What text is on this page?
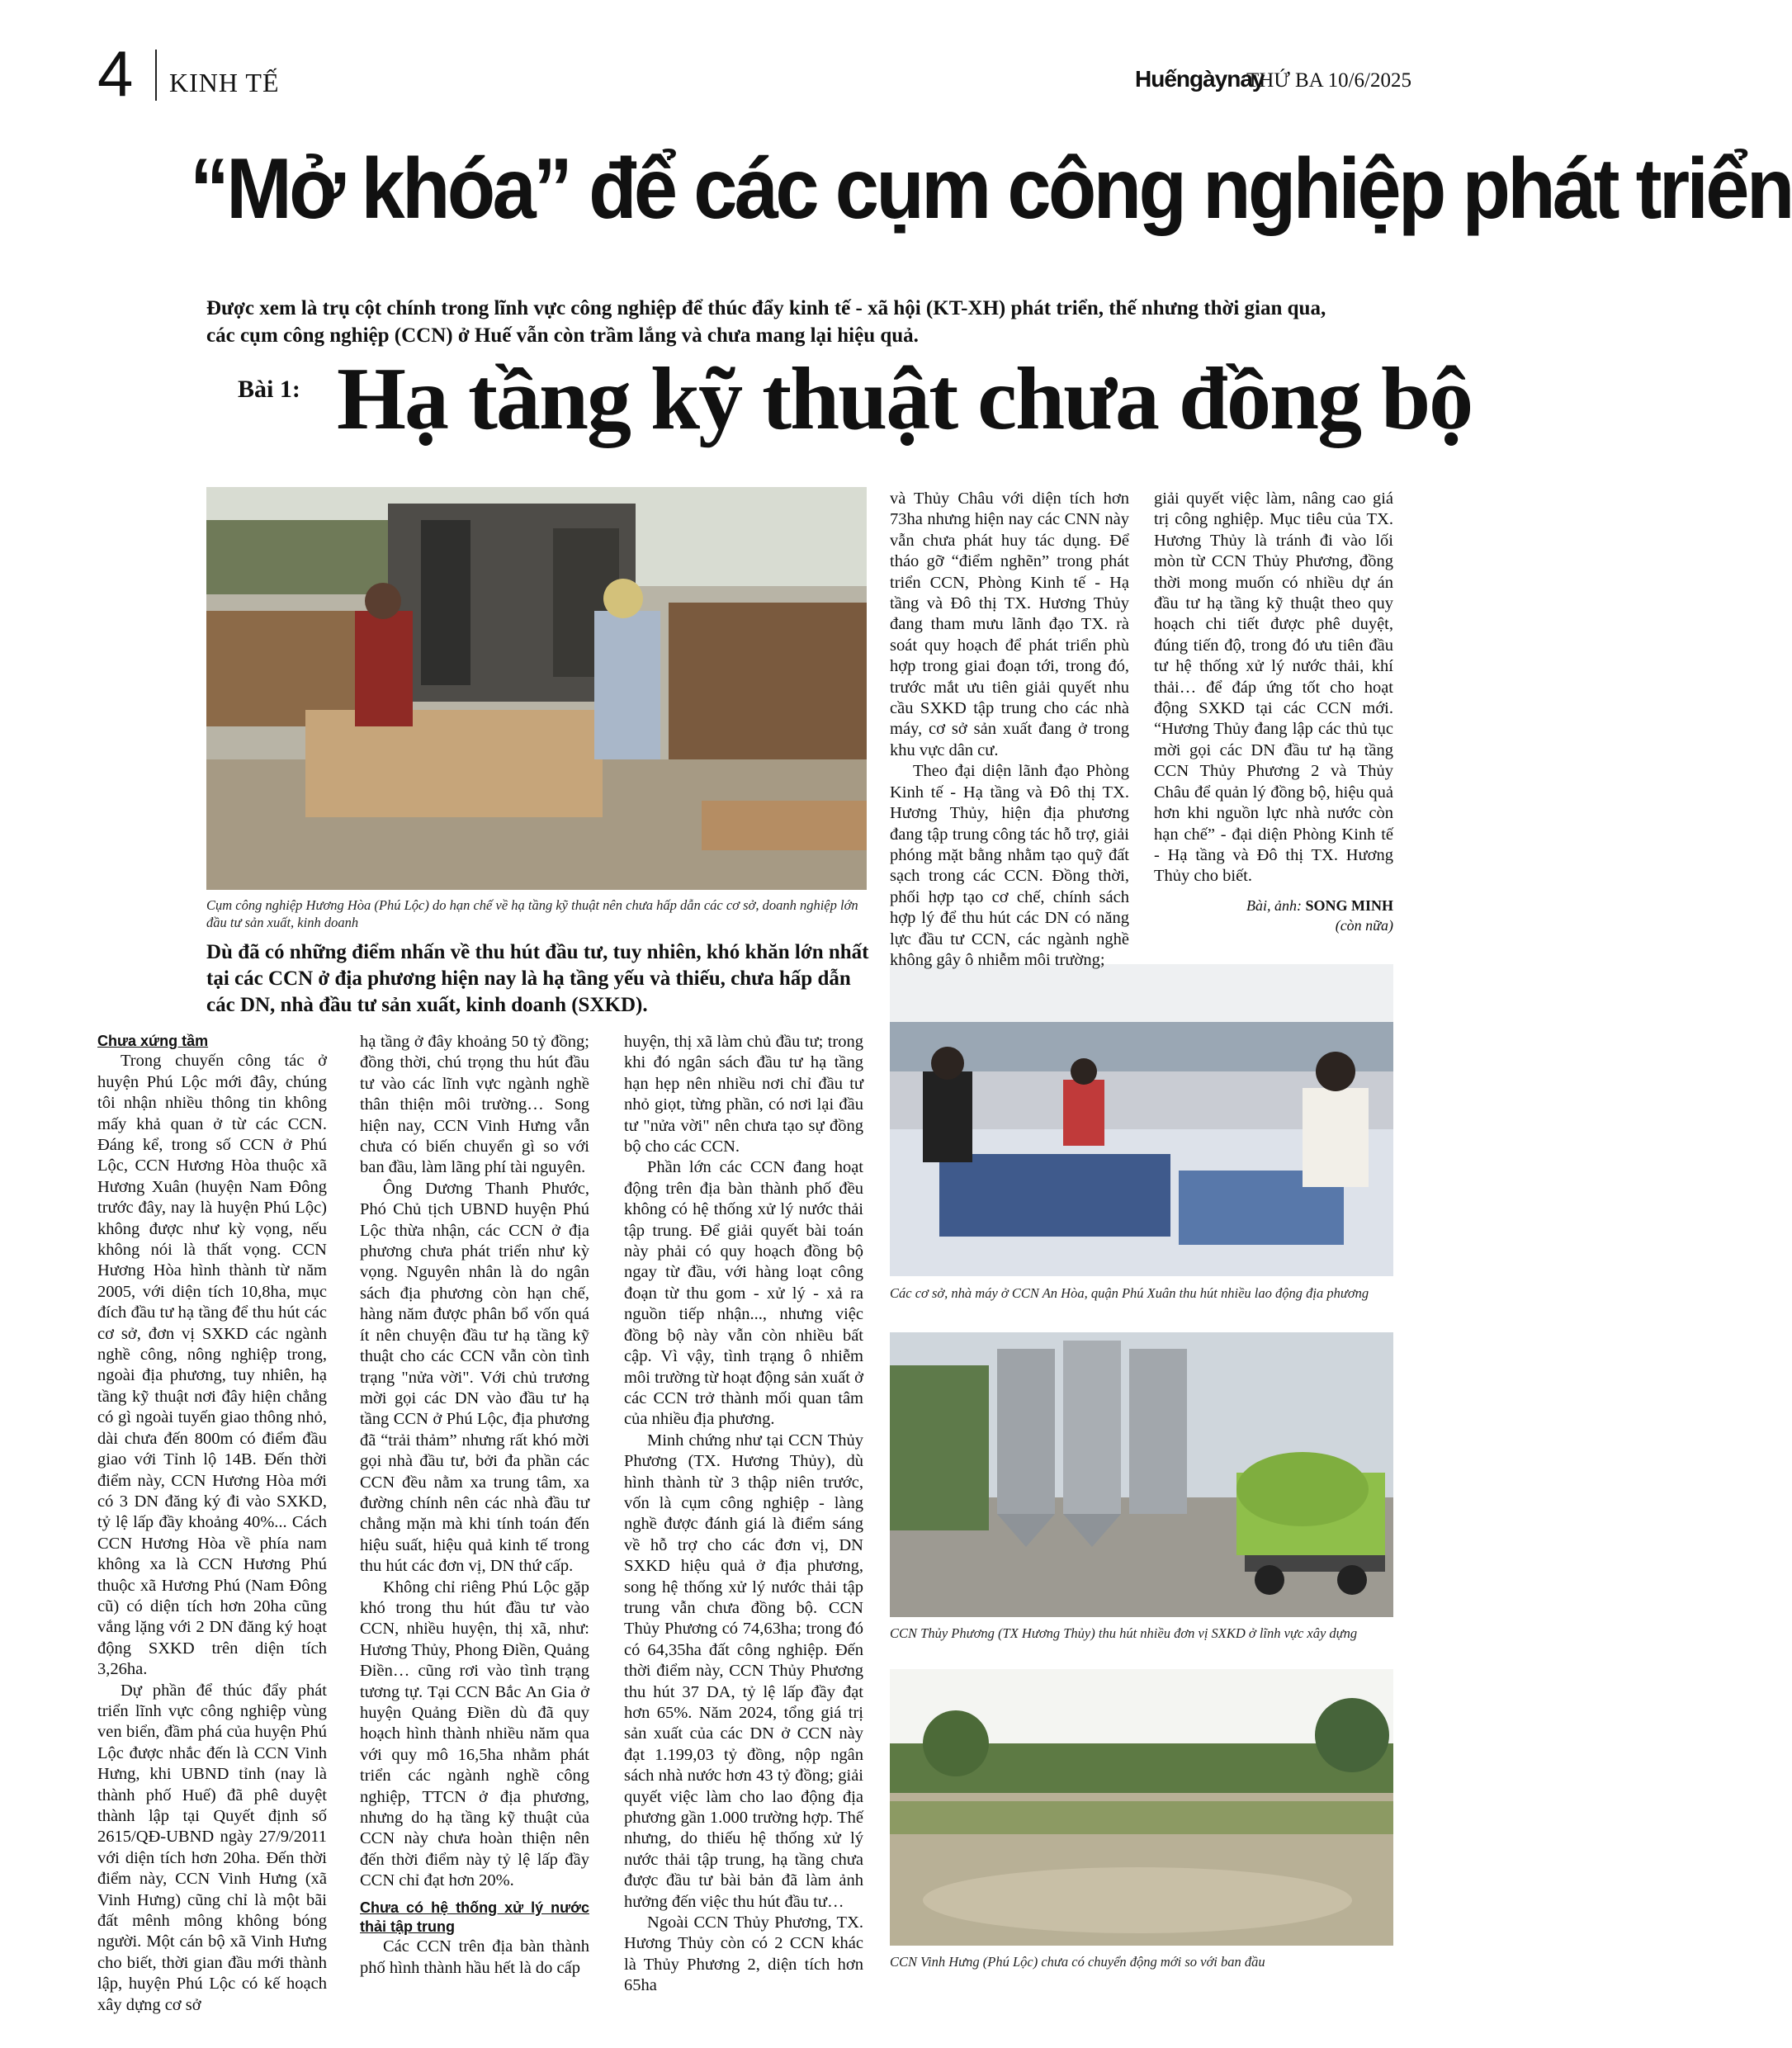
4 KINH TẾ	Huếngàynay
THỨ BA 10/6/2025
“Mở khóa” để các cụm công nghiệp phát triển
Được xem là trụ cột chính trong lĩnh vực công nghiệp để thúc đẩy kinh tế - xã hội (KT-XH) phát triển, thế nhưng thời gian qua, các cụm công nghiệp (CCN) ở Huế vẫn còn trầm lắng và chưa mang lại hiệu quả.
Bài 1: Hạ tầng kỹ thuật chưa đồng bộ
Cụm công nghiệp Hương Hòa (Phú Lộc) do hạn chế về hạ tầng kỹ thuật nên chưa hấp dẫn các cơ sở, doanh nghiệp lớn đầu tư sản xuất, kinh doanh
Các cơ sở, nhà máy ở CCN An Hòa, quận Phú Xuân thu hút nhiều lao động địa phương
CCN Thủy Phương (TX Hương Thủy) thu hút nhiều đơn vị SXKD ở lĩnh vực xây dựng
CCN Vinh Hưng (Phú Lộc) chưa có chuyển động mới so với ban đầu
Dù đã có những điểm nhấn về thu hút đầu tư, tuy nhiên, khó khăn lớn nhất tại các CCN ở địa phương hiện nay là hạ tầng yếu và thiếu, chưa hấp dẫn các DN, nhà đầu tư sản xuất, kinh doanh (SXKD).
Chưa xứng tầm

Trong chuyến công tác ở huyện Phú Lộc mới đây, chúng tôi nhận nhiều thông tin không mấy khả quan ở từ các CCN. Đáng kể, trong số CCN ở Phú Lộc, CCN Hương Hòa thuộc xã Hương Xuân (huyện Nam Đông trước đây, nay là huyện Phú Lộc) không được như kỳ vọng, nếu không nói là thất vọng. CCN Hương Hòa hình thành từ năm 2005, với diện tích 10,8ha, mục đích đầu tư hạ tầng để thu hút các cơ sở, đơn vị SXKD các ngành nghề công, nông nghiệp trong, ngoài địa phương, tuy nhiên, hạ tầng kỹ thuật nơi đây hiện chẳng có gì ngoài tuyến giao thông nhỏ, dài chưa đến 800m có điểm đầu giao với Tỉnh lộ 14B. Đến thời điểm này, CCN Hương Hòa mới có 3 DN đăng ký đi vào SXKD, tỷ lệ lấp đầy khoảng 40%... Cách CCN Hương Hòa về phía nam không xa là CCN Hương Phú thuộc xã Hương Phú (Nam Đông cũ) có diện tích hơn 20ha cũng vắng lặng với 2 DN đăng ký hoạt động SXKD trên diện tích 3,26ha.

Dự phần để thúc đẩy phát triển lĩnh vực công nghiệp vùng ven biển, đầm phá của huyện Phú Lộc được nhắc đến là CCN Vinh Hưng, khi UBND tỉnh (nay là thành phố Huế) đã phê duyệt thành lập tại Quyết định số 2615/QĐ-UBND ngày 27/9/2011 với diện tích hơn 20ha. Đến thời điểm này, CCN Vinh Hưng (xã Vinh Hưng) cũng chỉ là một bãi đất mênh mông không bóng người. Một cán bộ xã Vinh Hưng cho biết, thời gian đầu mới thành lập, huyện Phú Lộc có kế hoạch xây dựng cơ sở

hạ tầng ở đây khoảng 50 tỷ đồng; đồng thời, chú trọng thu hút đầu tư vào các lĩnh vực ngành nghề thân thiện môi trường… Song hiện nay, CCN Vinh Hưng vẫn chưa có biến chuyển gì so với ban đầu, làm lãng phí tài nguyên.

Ông Dương Thanh Phước, Phó Chủ tịch UBND huyện Phú Lộc thừa nhận, các CCN ở địa phương chưa phát triển như kỳ vọng. Nguyên nhân là do ngân sách địa phương còn hạn chế, hàng năm được phân bổ vốn quá ít nên chuyện đầu tư hạ tầng kỹ thuật cho các CCN vẫn còn tình trạng "nửa vời". Với chủ trương mời gọi các DN vào đầu tư hạ tầng CCN ở Phú Lộc, địa phương đã “trải thảm” nhưng rất khó mời gọi nhà đầu tư, bởi đa phần các CCN đều nằm xa trung tâm, xa đường chính nên các nhà đầu tư chẳng mặn mà khi tính toán đến hiệu suất, hiệu quả kinh tế trong thu hút các đơn vị, DN thứ cấp.

Không chỉ riêng Phú Lộc gặp khó trong thu hút đầu tư vào CCN, nhiều huyện, thị xã, như: Hương Thủy, Phong Điền, Quảng Điền… cũng rơi vào tình trạng tương tự. Tại CCN Bắc An Gia ở huyện Quảng Điền dù đã quy hoạch hình thành nhiều năm qua với quy mô 16,5ha nhằm phát triển các ngành nghề công nghiệp, TTCN ở địa phương, nhưng do hạ tầng kỹ thuật của CCN này chưa hoàn thiện nên đến thời điểm này tỷ lệ lấp đầy CCN chỉ đạt hơn 20%.

Chưa có hệ thống xử lý nước thải tập trung

Các CCN trên địa bàn thành phố hình thành hầu hết là do cấp

huyện, thị xã làm chủ đầu tư; trong khi đó ngân sách đầu tư hạ tầng hạn hẹp nên nhiều nơi chỉ đầu tư nhỏ giọt, từng phần, có nơi lại đầu tư "nửa vời" nên chưa tạo sự đồng bộ cho các CCN.

Phần lớn các CCN đang hoạt động trên địa bàn thành phố đều không có hệ thống xử lý nước thải tập trung. Để giải quyết bài toán này phải có quy hoạch đồng bộ ngay từ đầu, với hàng loạt công đoạn từ thu gom - xử lý - xả ra nguồn tiếp nhận..., nhưng việc đồng bộ này vẫn còn nhiều bất cập. Vì vậy, tình trạng ô nhiễm môi trường từ hoạt động sản xuất ở các CCN trở thành mối quan tâm của nhiều địa phương.

Minh chứng như tại CCN Thủy Phương (TX. Hương Thủy), dù hình thành từ 3 thập niên trước, vốn là cụm công nghiệp - làng nghề được đánh giá là điểm sáng về hỗ trợ cho các đơn vị, DN SXKD hiệu quả ở địa phương, song hệ thống xử lý nước thải tập trung vẫn chưa đồng bộ. CCN Thủy Phương có 74,63ha; trong đó có 64,35ha đất công nghiệp. Đến thời điểm này, CCN Thủy Phương thu hút 37 DA, tỷ lệ lấp đầy đạt hơn 65%. Năm 2024, tổng giá trị sản xuất của các DN ở CCN này đạt 1.199,03 tỷ đồng, nộp ngân sách nhà nước hơn 43 tỷ đồng; giải quyết việc làm cho lao động địa phương gần 1.000 trường hợp. Thế nhưng, do thiếu hệ thống xử lý nước thải tập trung, hạ tầng chưa được đầu tư bài bản đã làm ảnh hưởng đến việc thu hút đầu tư…

Ngoài CCN Thủy Phương, TX. Hương Thủy còn có 2 CCN khác là Thủy Phương 2, diện tích hơn 65ha

và Thủy Châu với diện tích hơn 73ha nhưng hiện nay các CNN này vẫn chưa phát huy tác dụng. Để tháo gỡ “điểm nghẽn” trong phát triển CCN, Phòng Kinh tế - Hạ tầng và Đô thị TX. Hương Thủy đang tham mưu lãnh đạo TX. rà soát quy hoạch để phát triển phù hợp trong giai đoạn tới, trong đó, trước mắt ưu tiên giải quyết nhu cầu SXKD tập trung cho các nhà máy, cơ sở sản xuất đang ở trong khu vực dân cư.

Theo đại diện lãnh đạo Phòng Kinh tế - Hạ tầng và Đô thị TX. Hương Thủy, hiện địa phương đang tập trung công tác hỗ trợ, giải phóng mặt bằng nhằm tạo quỹ đất sạch trong các CCN. Đồng thời, phối hợp tạo cơ chế, chính sách hợp lý để thu hút các DN có năng lực đầu tư CCN, các ngành nghề không gây ô nhiễm môi trường;

giải quyết việc làm, nâng cao giá trị công nghiệp. Mục tiêu của TX. Hương Thủy là tránh đi vào lối mòn từ CCN Thủy Phương, đồng thời mong muốn có nhiều dự án đầu tư hạ tầng kỹ thuật theo quy hoạch chi tiết được phê duyệt, đúng tiến độ, trong đó ưu tiên đầu tư hệ thống xử lý nước thải, khí thải… để đáp ứng tốt cho hoạt động SXKD tại các CCN mới. “Hương Thủy đang lập các thủ tục mời gọi các DN đầu tư hạ tầng CCN Thủy Phương 2 và Thủy Châu để quản lý đồng bộ, hiệu quả hơn khi nguồn lực nhà nước còn hạn chế” - đại diện Phòng Kinh tế - Hạ tầng và Đô thị TX. Hương Thủy cho biết.

Bài, ảnh: SONG MINH
(còn nữa)
